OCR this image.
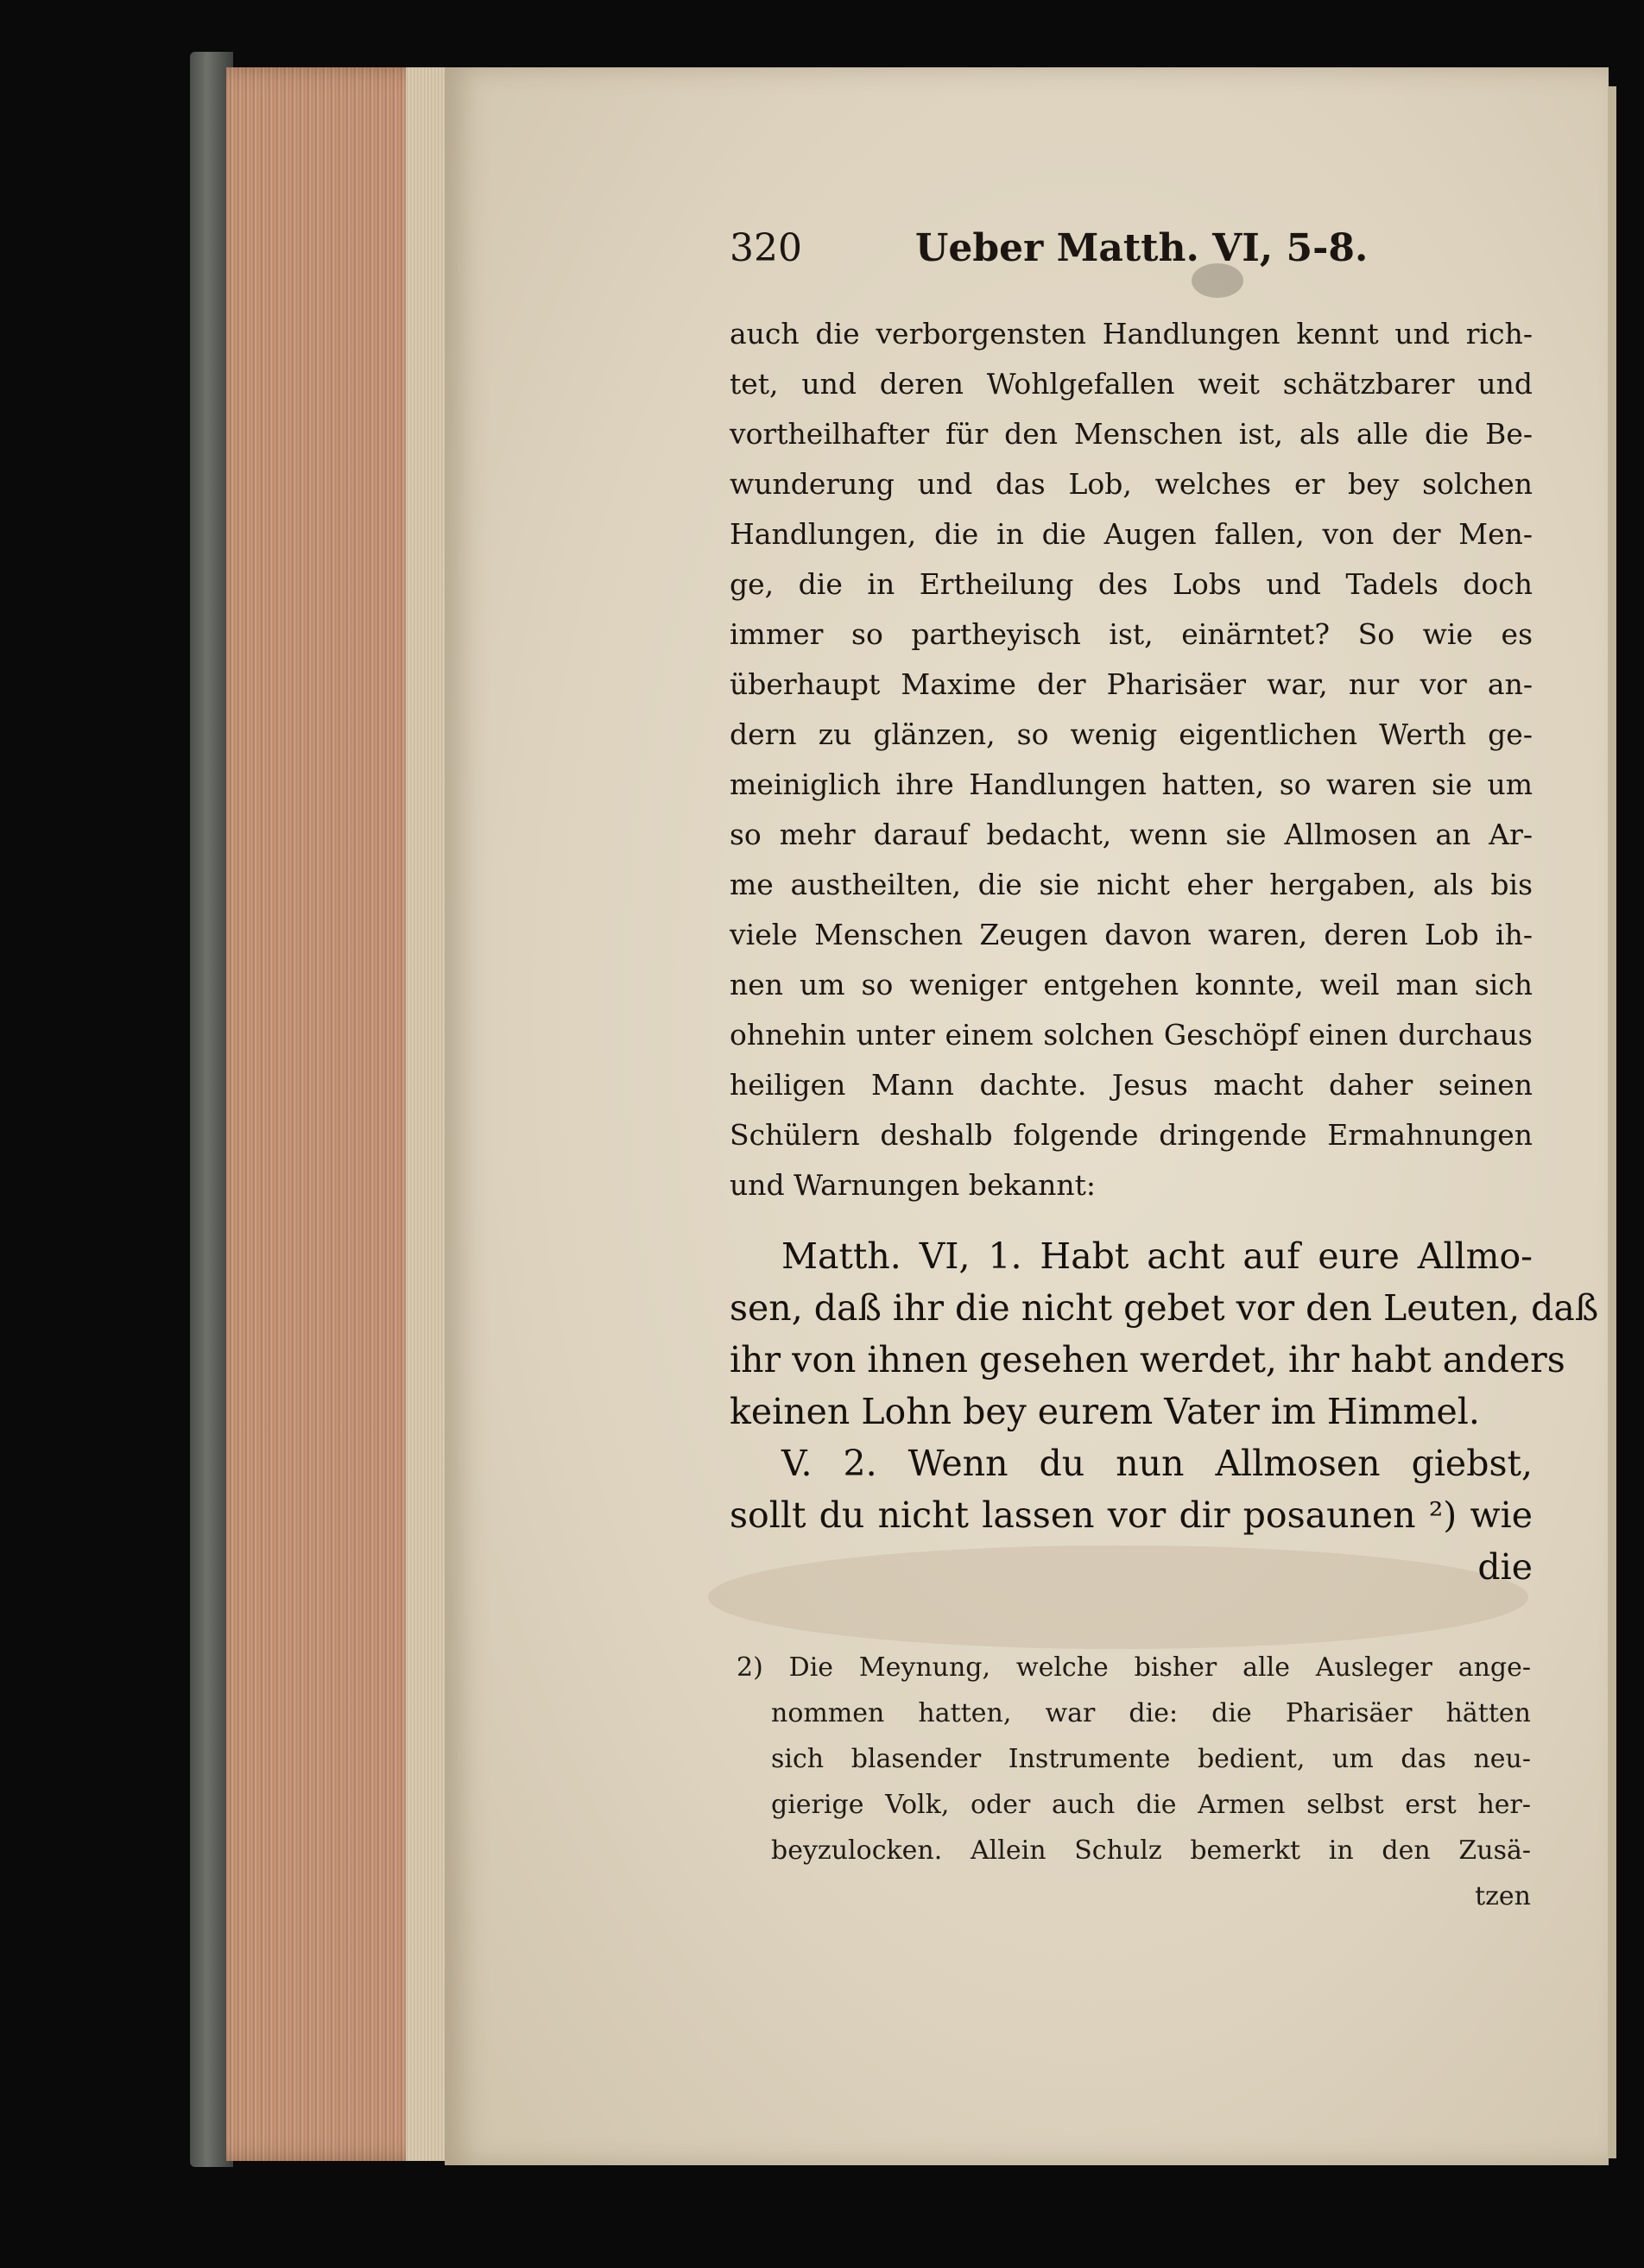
320	Ueber Matth. VI, 5-8.
auch die verborgensten Handlungen kennt und rich-
tet, und deren Wohlgefallen weit schätzbarer und
vortheilhafter für den Menschen ist, als alle die Be-
wunderung und das Lob, welches er bey solchen
Handlungen, die in die Augen fallen, von der Men-
ge, die in Ertheilung des Lobs und Tadels doch
immer so partheyisch ist, einärntet? So wie es
überhaupt Maxime der Pharisäer war, nur vor an-
dern zu glänzen, so wenig eigentlichen Werth ge-
meiniglich ihre Handlungen hatten, so waren sie um
so mehr darauf bedacht, wenn sie Allmosen an Ar-
me austheilten, die sie nicht eher hergaben, als bis
viele Menschen Zeugen davon waren, deren Lob ih-
nen um so weniger entgehen konnte, weil man sich
ohnehin unter einem solchen Geschöpf einen durchaus
heiligen Mann dachte. Jesus macht daher seinen
Schülern deshalb folgende dringende Ermahnungen
und Warnungen bekannt:
Matth. VI, 1. Habt acht auf eure Allmo-
sen, daß ihr die nicht gebet vor den Leuten, daß
ihr von ihnen gesehen werdet, ihr habt anders
keinen Lohn bey eurem Vater im Himmel.
V. 2. Wenn du nun Allmosen giebst,
sollt du nicht lassen vor dir posaunen ²) wie
die
2) Die Meynung, welche bisher alle Ausleger ange-
nommen hatten, war die: die Pharisäer hätten
sich blasender Instrumente bedient, um das neu-
gierige Volk, oder auch die Armen selbst erst her-
beyzulocken. Allein Schulz bemerkt in den Zusä-
tzen
